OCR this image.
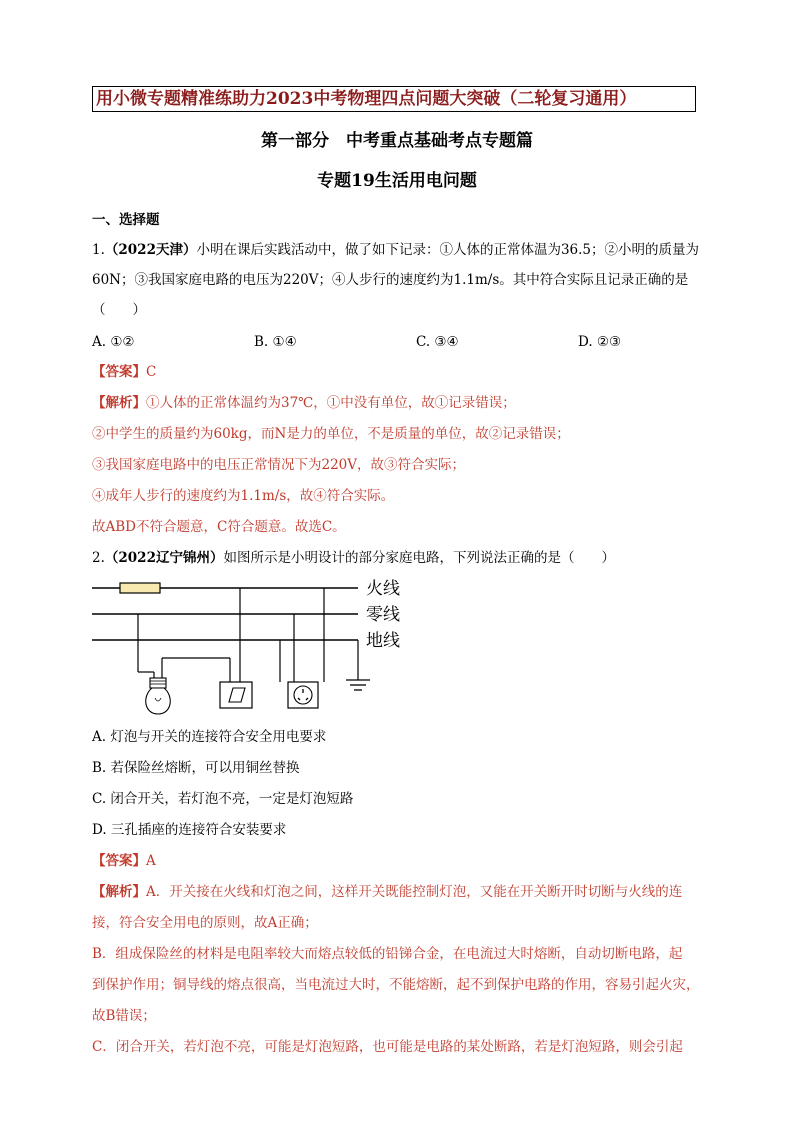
用小微专题精准练助力2023中考物理四点问题大突破（二轮复习通用）
第一部分　中考重点基础考点专题篇
专题19生活用电问题
一、选择题
1.（2022天津）小明在课后实践活动中，做了如下记录：①人体的正常体温为36.5；②小明的质量为
60N；③我国家庭电路的电压为220V；④人步行的速度约为1.1m/s。其中符合实际且记录正确的是
（　　）
A. ①②	B. ①④	C. ③④	D. ②③
【答案】C
【解析】①人体的正常体温约为37℃，①中没有单位，故①记录错误；
②中学生的质量约为60kg，而N是力的单位，不是质量的单位，故②记录错误；
③我国家庭电路中的电压正常情况下为220V，故③符合实际；
④成年人步行的速度约为1.1m/s，故④符合实际。
故ABD不符合题意，C符合题意。故选C。
2.（2022辽宁锦州）如图所示是小明设计的部分家庭电路，下列说法正确的是（　　）
火线
零线
地线
A. 灯泡与开关的连接符合安全用电要求
B. 若保险丝熔断，可以用铜丝替换
C. 闭合开关，若灯泡不亮，一定是灯泡短路
D. 三孔插座的连接符合安装要求
【答案】A
【解析】A．开关接在火线和灯泡之间，这样开关既能控制灯泡，又能在开关断开时切断与火线的连
接，符合安全用电的原则，故A正确；
B．组成保险丝的材料是电阻率较大而熔点较低的铅锑合金，在电流过大时熔断，自动切断电路，起
到保护作用；铜导线的熔点很高，当电流过大时，不能熔断，起不到保护电路的作用，容易引起火灾，
故B错误；
C．闭合开关，若灯泡不亮，可能是灯泡短路，也可能是电路的某处断路，若是灯泡短路，则会引起
